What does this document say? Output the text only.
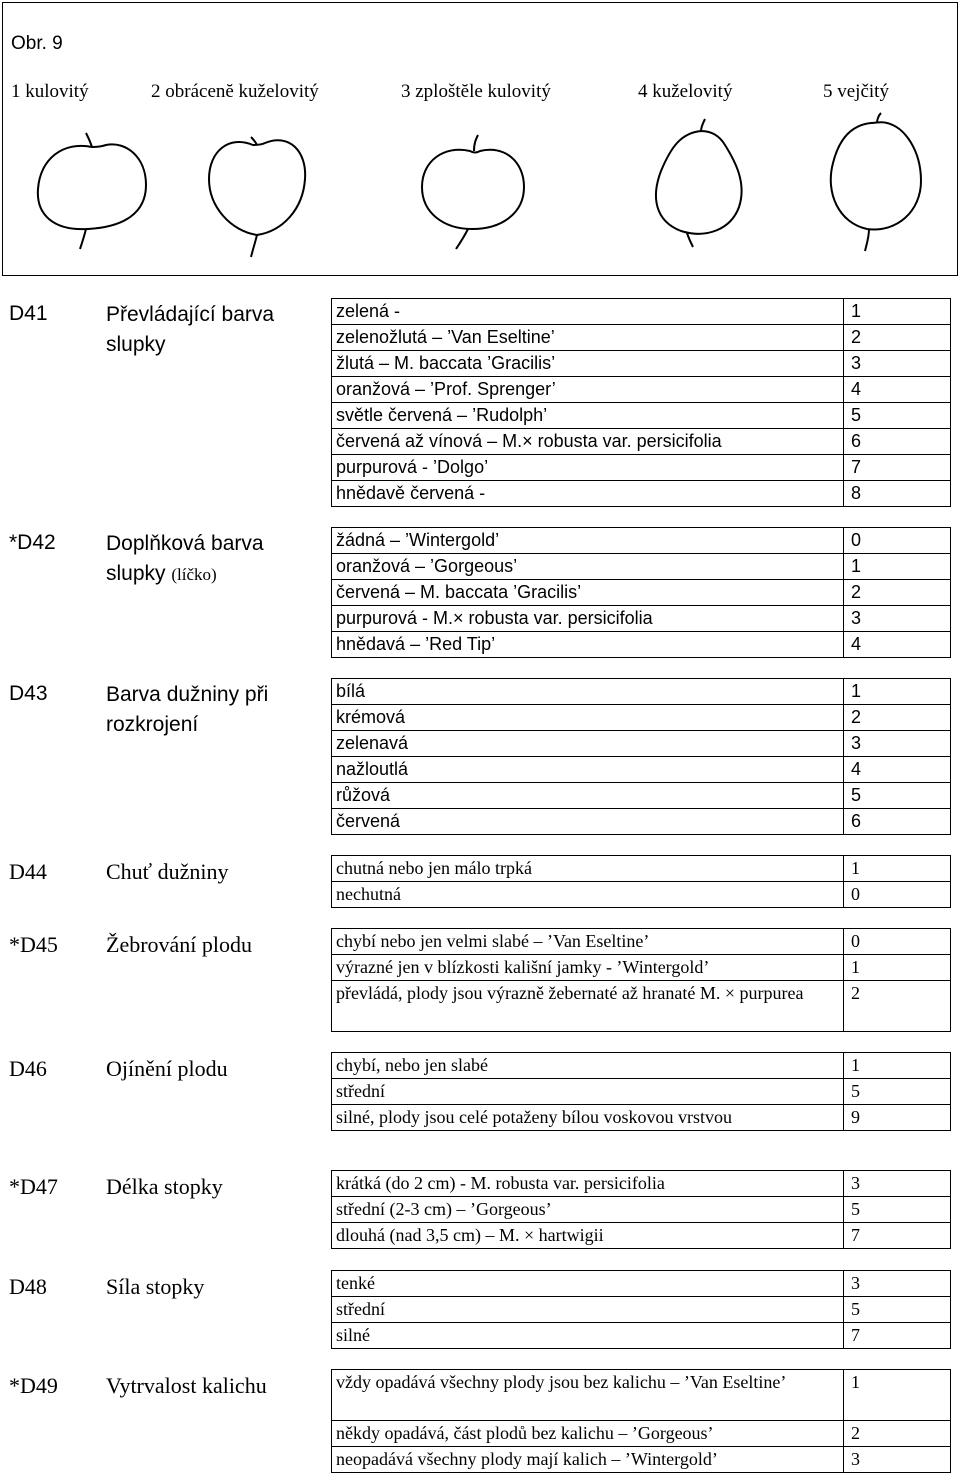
Obr. 9
1 kulovitý	2 obrácenĕ kuželovitý	3 zploštĕle kulovitý	4 kuželovitý	5 vejčitý
D41	Převládající barva slupky
zelená -	1
zelenožlutá – ’Van Eseltine’	2
žlutá – M. baccata ’Gracilis’	3
oranžová – ’Prof. Sprenger’	4
světle červená – ’Rudolph’	5
červená až vínová – M.× robusta var. persicifolia	6
purpurová - ’Dolgo’	7
hnědavě červená -	8
*D42 Doplňková barva slupky (líčko)
žádná – ’Wintergold’	0
oranžová – ’Gorgeous’	1
červená – M. baccata ’Gracilis’	2
purpurová - M.× robusta var. persicifolia	3
hnědavá – ’Red Tip’	4
D43	Barva dužniny při rozkrojení
bílá	1
krémová	2
zelenavá	3
nažloutlá	4
růžová	5
červená	6
D44	Chuť dužniny	chutná nebo jen málo trpká	1
nechutná	0
*D45 Žebrování plodu	chybí nebo jen velmi slabé – ’Van Eseltine’	0
výrazné jen v blízkosti kališní jamky - ’Wintergold’	1
převládá, plody jsou výrazně žebernaté až hranaté M. × purpurea	2
D46	Ojínění plodu	chybí, nebo jen slabé	1
střední	5
silné, plody jsou celé potaženy bílou voskovou vrstvou	9
*D47 Délka stopky	krátká (do 2 cm) - M. robusta var. persicifolia	3
střední (2-3 cm) – ’Gorgeous’	5
dlouhá (nad 3,5 cm) – M. × hartwigii	7
D48	Síla stopky	tenké	3
střední	5
silné	7
*D49 Vytrvalost kalichu	vždy opadává všechny plody jsou bez kalichu – ’Van Eseltine’	1
někdy opadává, část plodů bez kalichu – ’Gorgeous’	2
neopadává všechny plody mají kalich – ’Wintergold’	3
